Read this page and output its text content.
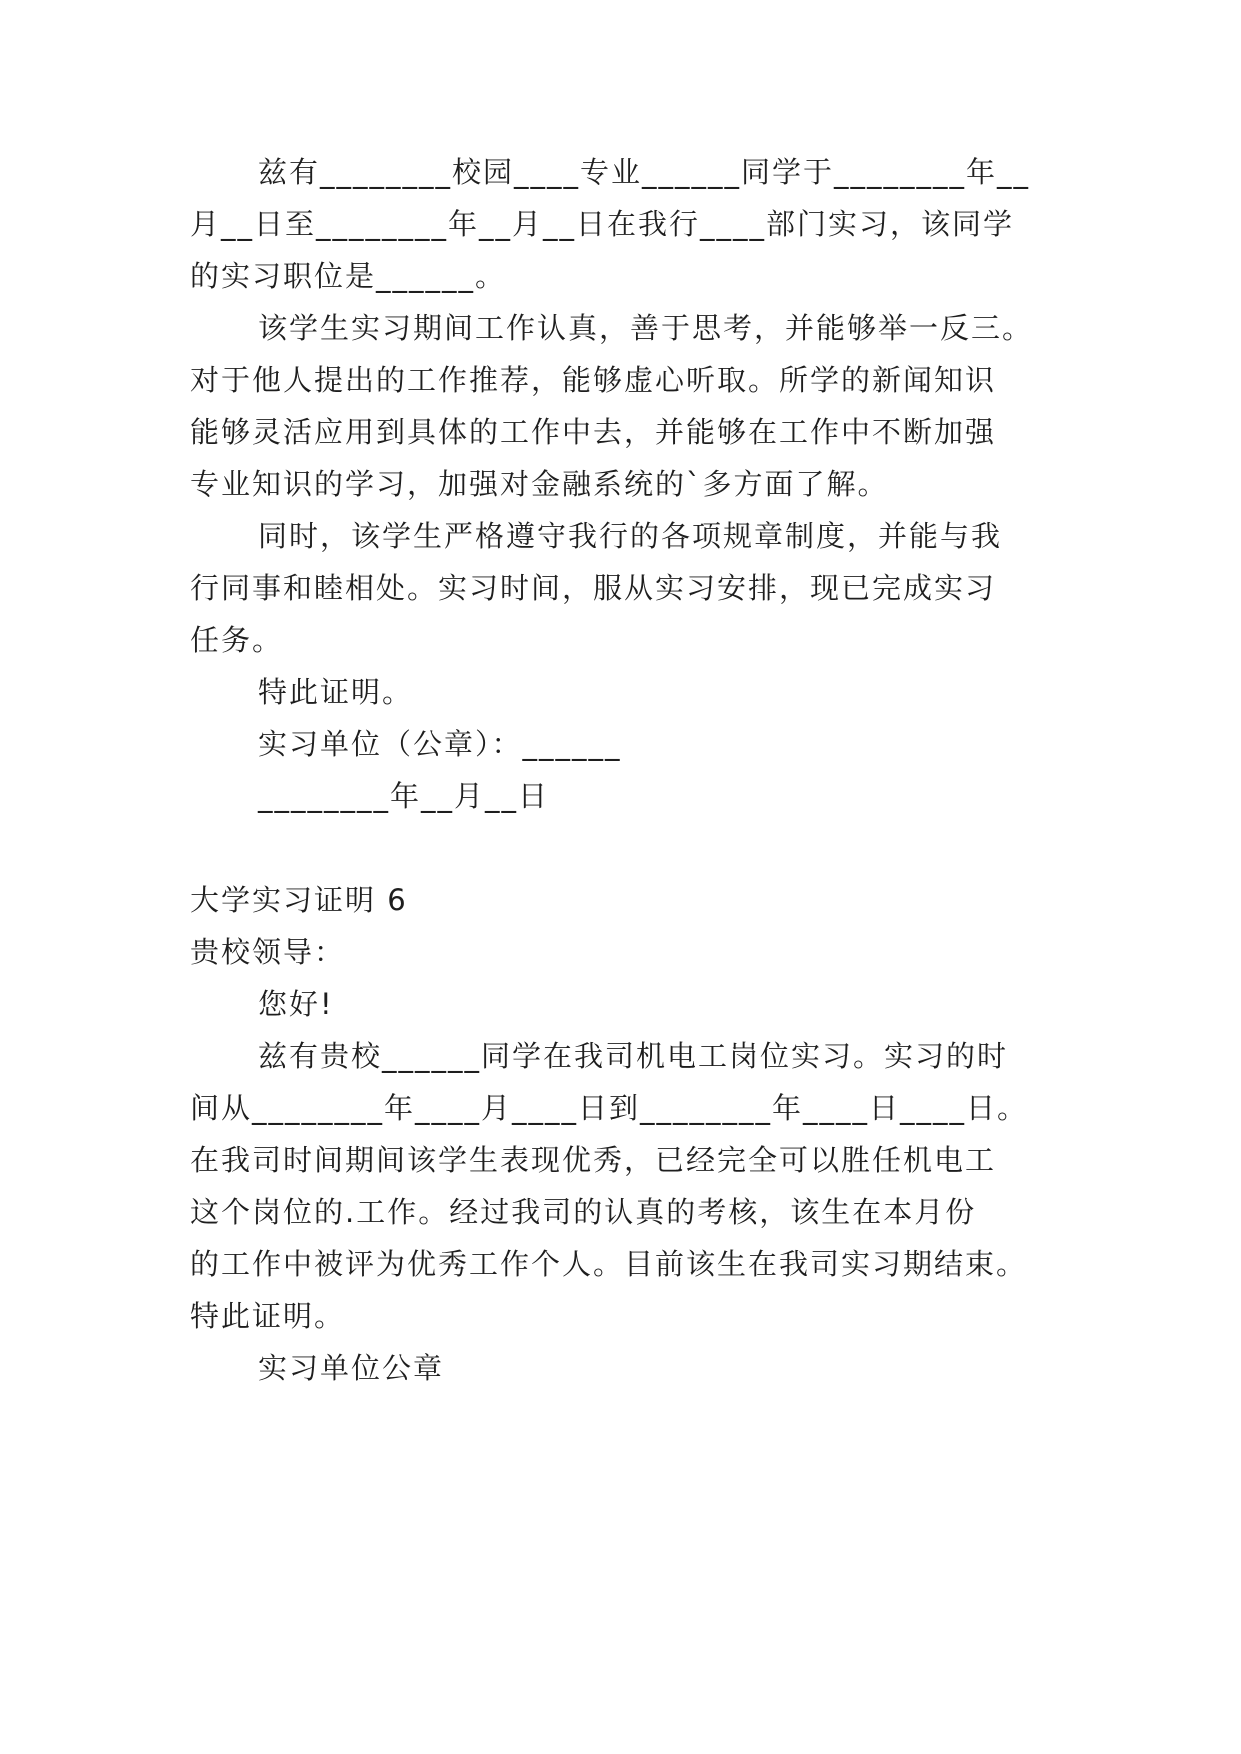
兹有________校园____专业______同学于________年__
月__日至________年__月__日在我行____部门实习，该同学
的实习职位是______。
该学生实习期间工作认真，善于思考，并能够举一反三。
对于他人提出的工作推荐，能够虚心听取。所学的新闻知识
能够灵活应用到具体的工作中去，并能够在工作中不断加强
专业知识的学习，加强对金融系统的`多方面了解。
同时，该学生严格遵守我行的各项规章制度，并能与我
行同事和睦相处。实习时间，服从实习安排，现已完成实习
任务。
特此证明。
实习单位（公章）：______
________年__月__日
大学实习证明 6
贵校领导：
您好!
兹有贵校______同学在我司机电工岗位实习。实习的时
间从________年____月____日到________年____日____日。
在我司时间期间该学生表现优秀，已经完全可以胜任机电工
这个岗位的.工作。经过我司的认真的考核，该生在本月份
的工作中被评为优秀工作个人。目前该生在我司实习期结束。
特此证明。
实习单位公章
